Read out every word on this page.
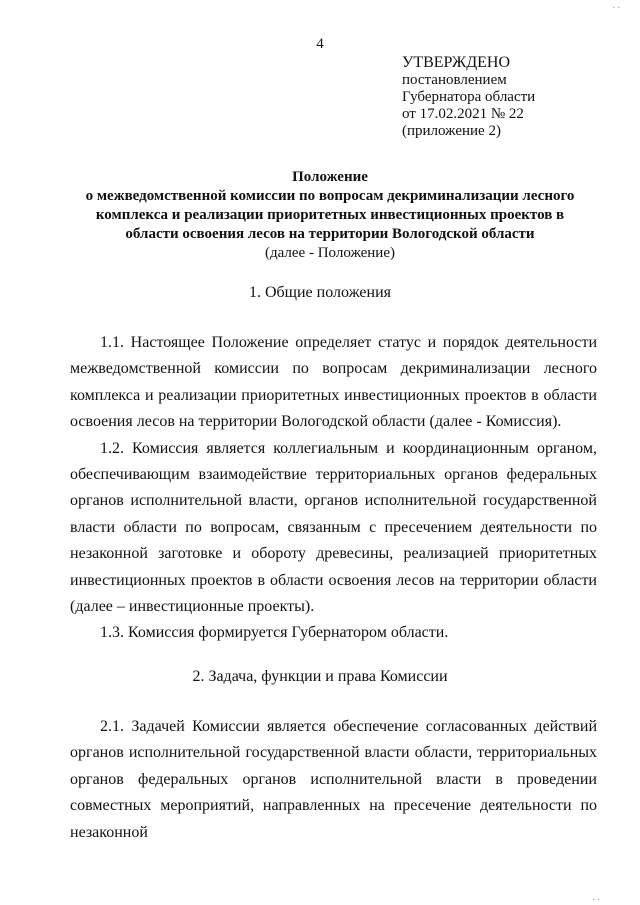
. .
4
УТВЕРЖДЕНО
постановлением
Губернатора области
от 17.02.2021 № 22
(приложение 2)
Положение
о межведомственной комиссии по вопросам декриминализации лесного
комплекса и реализации приоритетных инвестиционных проектов в
области освоения лесов на территории Вологодской области
(далее - Положение)
1. Общие положения

1.1. Настоящее Положение определяет статус и порядок деятельности межведомственной комиссии по вопросам декриминализации лесного комплекса и реализации приоритетных инвестиционных проектов в области освоения лесов на территории Вологодской области (далее - Комиссия).

1.2. Комиссия является коллегиальным и координационным органом, обеспечивающим взаимодействие территориальных органов федеральных органов исполнительной власти, органов исполнительной государственной власти области по вопросам, связанным с пресечением деятельности по незаконной заготовке и обороту древесины, реализацией приоритетных инвестиционных проектов в области освоения лесов на территории области (далее – инвестиционные проекты).

1.3. Комиссия формируется Губернатором области.

2. Задача, функции и права Комиссии

2.1. Задачей Комиссии является обеспечение согласованных действий органов исполнительной государственной власти области, территориальных органов федеральных органов исполнительной власти в проведении совместных мероприятий, направленных на пресечение деятельности по незаконной

. .
